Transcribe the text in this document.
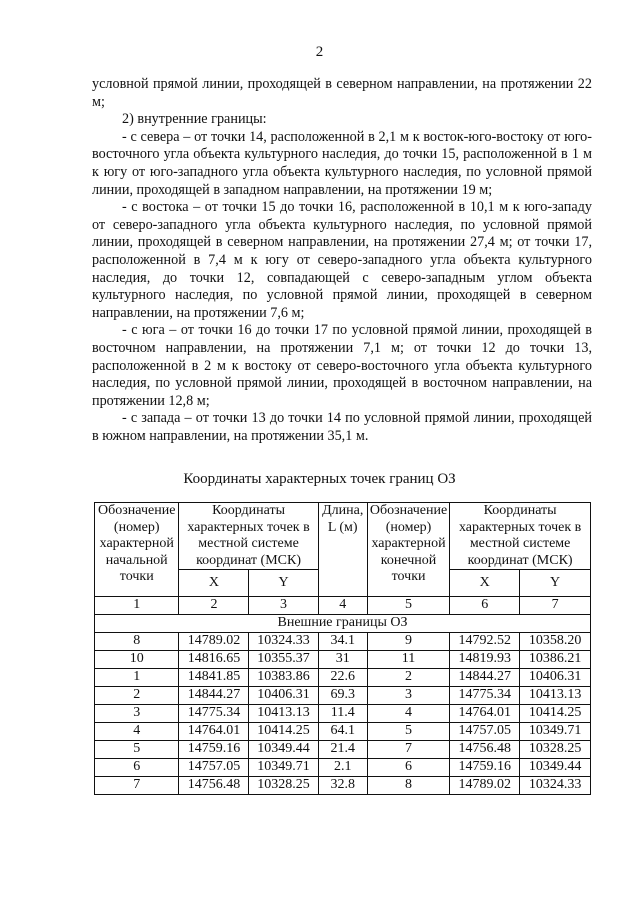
2

условной прямой линии, проходящей в северном направлении, на протяжении 22 м;

2) внутренние границы:

- с севера – от точки 14, расположенной в 2,1 м к восток-юго-востоку от юго-восточного угла объекта культурного наследия, до точки 15, расположенной в 1 м к югу от юго-западного угла объекта культурного наследия, по условной прямой линии, проходящей в западном направлении, на протяжении 19 м;

- с востока – от точки 15 до точки 16, расположенной в 10,1 м к юго-западу от северо-западного угла объекта культурного наследия, по условной прямой линии, проходящей в северном направлении, на протяжении 27,4 м; от точки 17, расположенной в 7,4 м к югу от северо-западного угла объекта культурного наследия, до точки 12, совпадающей с северо-западным углом объекта культурного наследия, по условной прямой линии, проходящей в северном направлении, на протяжении 7,6 м;

- с юга – от точки 16 до точки 17 по условной прямой линии, проходящей в восточном направлении, на протяжении 7,1 м; от точки 12 до точки 13, расположенной в 2 м к востоку от северо-восточного угла объекта культурного наследия, по условной прямой линии, проходящей в восточном направлении, на протяжении 12,8 м;

- с запада – от точки 13 до точки 14 по условной прямой линии, проходящей в южном направлении, на протяжении 35,1 м.

Координаты характерных точек границ ОЗ
Обозначение (номер) характерной начальной точки	Координаты характерных точек в местной системе координат (МСК)		Длина, L (м)	Обозначение (номер) характерной конечной точки	Координаты характерных точек в местной системе координат (МСК)	
	X	Y			X	Y
1	2	3	4	5	6	7
Внешние границы ОЗ						
8	14789.02	10324.33	34.1	9	14792.52	10358.20
10	14816.65	10355.37	31	11	14819.93	10386.21
1	14841.85	10383.86	22.6	2	14844.27	10406.31
2	14844.27	10406.31	69.3	3	14775.34	10413.13
3	14775.34	10413.13	11.4	4	14764.01	10414.25
4	14764.01	10414.25	64.1	5	14757.05	10349.71
5	14759.16	10349.44	21.4	7	14756.48	10328.25
6	14757.05	10349.71	2.1	6	14759.16	10349.44
7	14756.48	10328.25	32.8	8	14789.02	10324.33
